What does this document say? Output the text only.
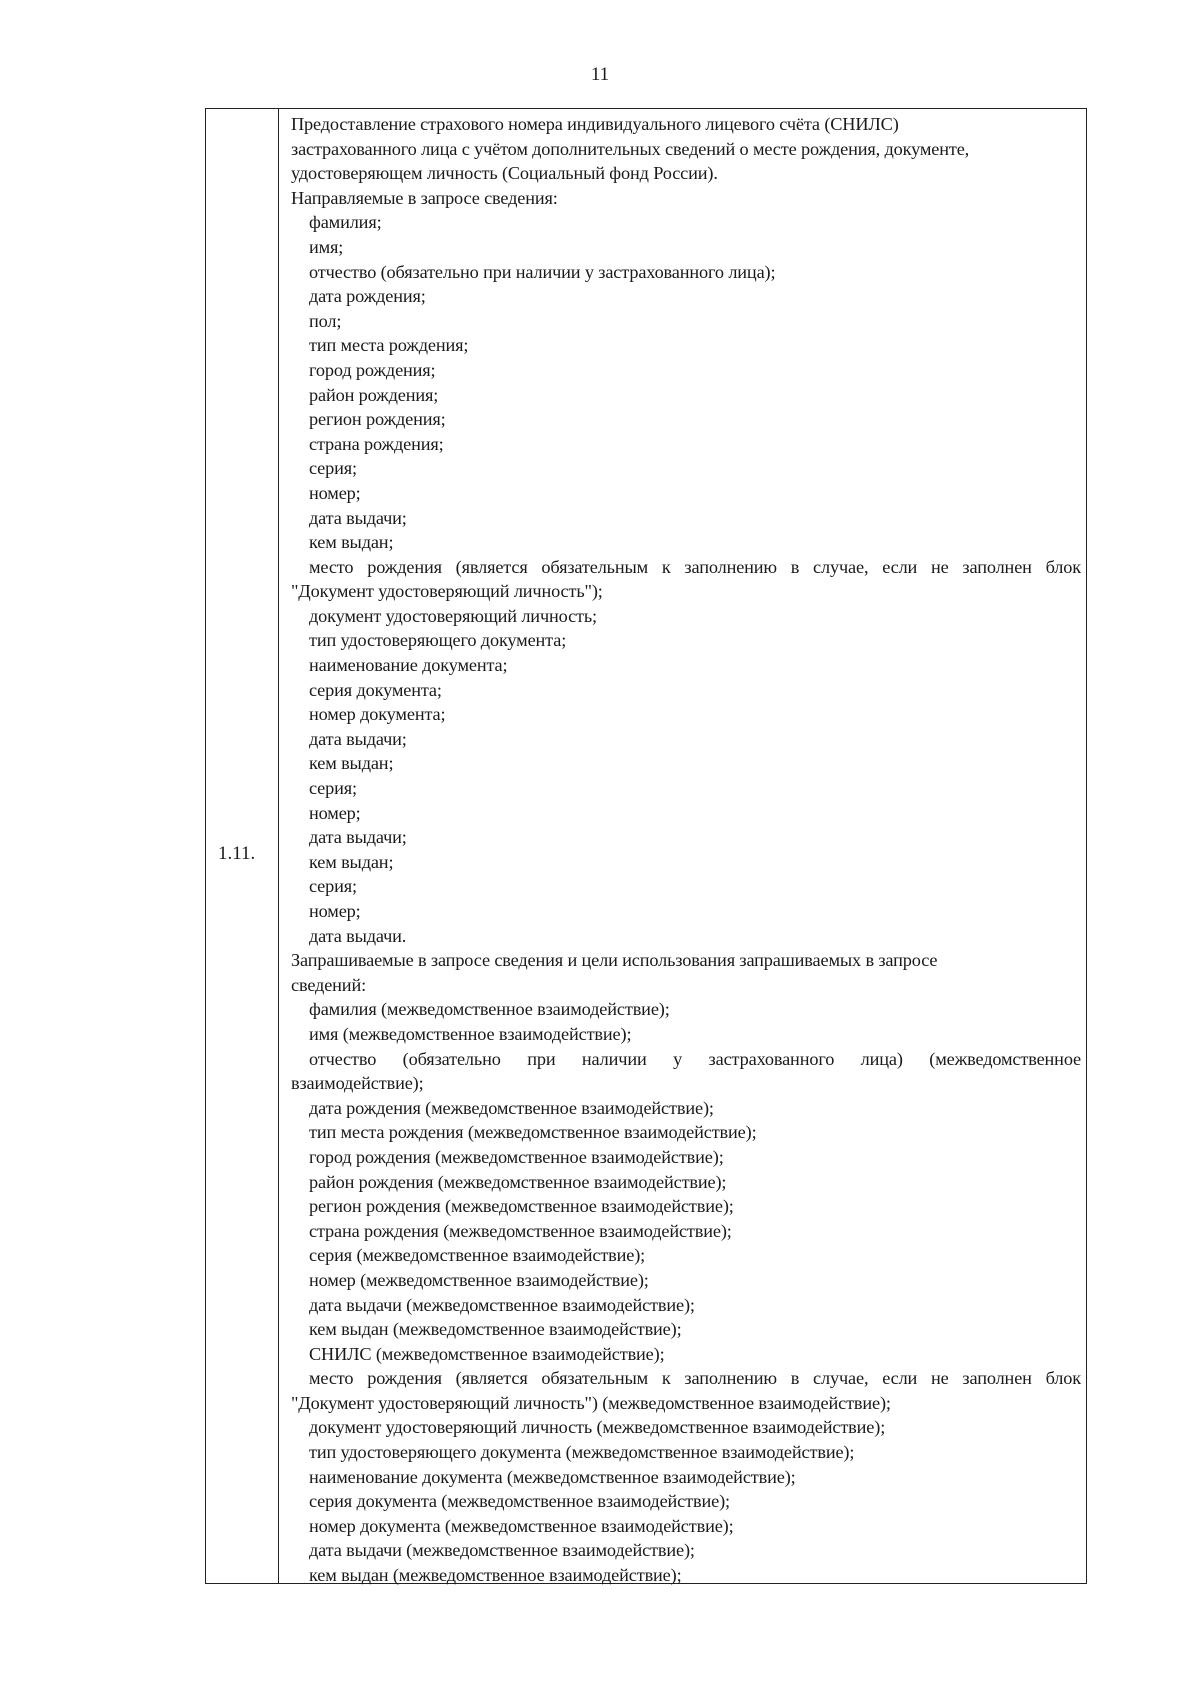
11
1.11.
Предоставление страхового номера индивидуального лицевого счёта (СНИЛС)
застрахованного лица с учётом дополнительных сведений о месте рождения, документе,
удостоверяющем личность (Социальный фонд России).
Направляемые в запросе сведения:
фамилия;
имя;
отчество (обязательно при наличии у застрахованного лица);
дата рождения;
пол;
тип места рождения;
город рождения;
район рождения;
регион рождения;
страна рождения;
серия;
номер;
дата выдачи;
кем выдан;
место рождения (является обязательным к заполнению в случае, если не заполнен блок
"Документ удостоверяющий личность");
документ удостоверяющий личность;
тип удостоверяющего документа;
наименование документа;
серия документа;
номер документа;
дата выдачи;
кем выдан;
серия;
номер;
дата выдачи;
кем выдан;
серия;
номер;
дата выдачи.
Запрашиваемые в запросе сведения и цели использования запрашиваемых в запросе
сведений:
фамилия (межведомственное взаимодействие);
имя (межведомственное взаимодействие);
отчество (обязательно при наличии у застрахованного лица) (межведомственное
взаимодействие);
дата рождения (межведомственное взаимодействие);
тип места рождения (межведомственное взаимодействие);
город рождения (межведомственное взаимодействие);
район рождения (межведомственное взаимодействие);
регион рождения (межведомственное взаимодействие);
страна рождения (межведомственное взаимодействие);
серия (межведомственное взаимодействие);
номер (межведомственное взаимодействие);
дата выдачи (межведомственное взаимодействие);
кем выдан (межведомственное взаимодействие);
СНИЛС (межведомственное взаимодействие);
место рождения (является обязательным к заполнению в случае, если не заполнен блок
"Документ удостоверяющий личность") (межведомственное взаимодействие);
документ удостоверяющий личность (межведомственное взаимодействие);
тип удостоверяющего документа (межведомственное взаимодействие);
наименование документа (межведомственное взаимодействие);
серия документа (межведомственное взаимодействие);
номер документа (межведомственное взаимодействие);
дата выдачи (межведомственное взаимодействие);
кем выдан (межведомственное взаимодействие);
